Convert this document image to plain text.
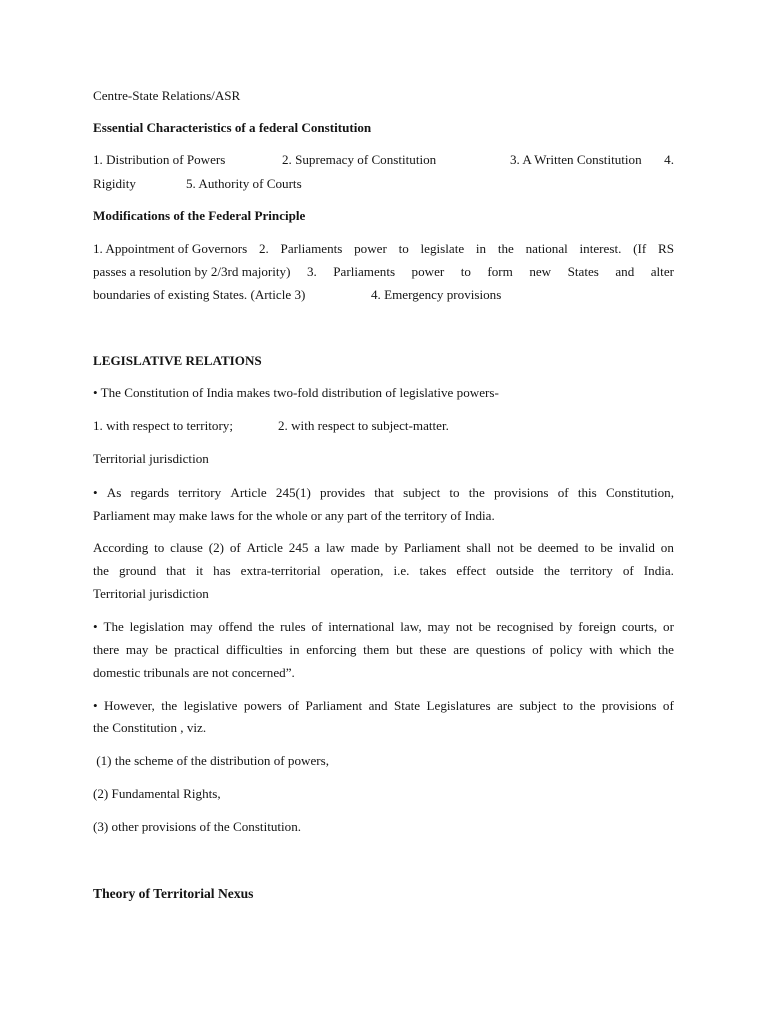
Centre-State Relations/ASR
Essential Characteristics of a federal Constitution
1. Distribution of Powers	2. Supremacy of Constitution	3. A Written Constitution 4.
Rigidity	5. Authority of Courts
Modifications of the Federal Principle
1. Appointment of Governors 2. Parliaments power to legislate in the national interest. (If RS
passes a resolution by 2/3rd majority) 3. Parliaments power to form new States and alter
boundaries of existing States. (Article 3)	4. Emergency provisions
LEGISLATIVE RELATIONS
• The Constitution of India makes two-fold distribution of legislative powers-
1. with respect to territory;	2. with respect to subject-matter.
Territorial jurisdiction
• As regards territory Article 245(1) provides that subject to the provisions of this Constitution,
Parliament may make laws for the whole or any part of the territory of India.
According to clause (2) of Article 245 a law made by Parliament shall not be deemed to be invalid on
the ground that it has extra-territorial operation, i.e. takes effect outside the territory of India.
Territorial jurisdiction
• The legislation may offend the rules of international law, may not be recognised by foreign courts, or
there may be practical difficulties in enforcing them but these are questions of policy with which the
domestic tribunals are not concerned”.
• However, the legislative powers of Parliament and State Legislatures are subject to the provisions of
the Constitution , viz.
(1) the scheme of the distribution of powers,
(2) Fundamental Rights,
(3) other provisions of the Constitution.
Theory of Territorial Nexus
